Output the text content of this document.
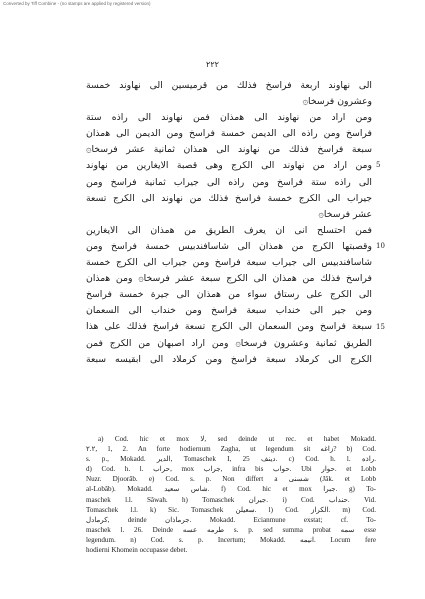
Converted by Tiff Combine - (no stamps are applied by registered version)
٢٢٢
الى نهاوند اربعة فراسخ فذلك من قرميسين الى نهاوند خمسة
وعشرون فرسخا۞
ومن اراد من نهاوند الى ﮬمذان فمن نهاوند الى راذه ستة
فراسخ ومن راذه الى الديمن خمسة فراسخ ومن الديمن الى ﮬمذان
سبعة فراسخ فذلك من نهاوند الى ﮬمذان ثمانية عشر فرسخا۞
ومن اراد من نهاوند الى الكرج وهى قصبة الايغارين من نهاوند
الى راذه ستة فراسخ ومن راذه الى جيراب ثمانية فراسخ ومن
جيراب الى الكرج خمسة فراسخ فذلك من نهاوند الى الكرج تسعة
عشر فرسخا۞
فمن احتسلح انى ان يعرف الطريق من ﮬمذان الى الايغارين
وقصبتها الكرج من ﮬمذان الى شاسافندبيس خمسة فراسخ ومن
شاسافندبيس الى جيراب سبعة فراسخ ومن جيراب الى الكرج خمسة
فراسخ فذلك من ﮬمذان الى الكرج سبعة عشر فرسخا۞ ومن ﮬمذان
الى الكرج على رستاق سواء من ﮬمذان الى جيرة خمسة فراسخ
ومن جير الى خنداب سبعة فراسخ ومن خنداب الى السعمان
سبعة فراسخ ومن السعمان الى الكرج تسعة فراسخ فذلك على هذا
الطريق ثمانية وعشرون فرسخا۞ ومن اراد اصبهان من الكرج فمن
الكرج الى كرملاد سبعة فراسخ ومن كرملاد الى ابقيسه سبعة
5
10
15
a) Cod. hic et mox لا, sed deinde ut rec. et habet Mokadd.
٢.٢, 1, 2. An forte hodiernum Zagha, ut legendum sit زاغه? b) Cod.
s. p., Mokadd. الدير, Tomaschek I, 25 دينف. c) Cod. h. l. راذه.
d) Cod. h. l. حراب, mox جراب, infra bis حواب. Ubi حوار. et Lobb
Nuzr. Djoorâb. e) Cod. s. p. Non differt a شسنى (Jâk. et Lobb
al-Lobâb). Mokadd. شاس سعيد. f) Cod. hic et mox جبرا. g) To-
maschek l.l. Sâwah. h) Tomaschek جيران. i) Cod. حنداب. Vid.
Tomaschek l.l. k) Sic. Tomaschek سعيلن. l) Cod. الكراز. m) Cod.
كرمادل, deinde جرماذان. Mokadd. Ecianmune exstat; cf. To-
maschek l. 26. Deinde طرمه عسه s. p. sed summa probat سمه esse
legendum. n) Cod. s. p. Incertum; Mokadd. انيمه. Locum fere
hodierni Khomein occupasse debet.
